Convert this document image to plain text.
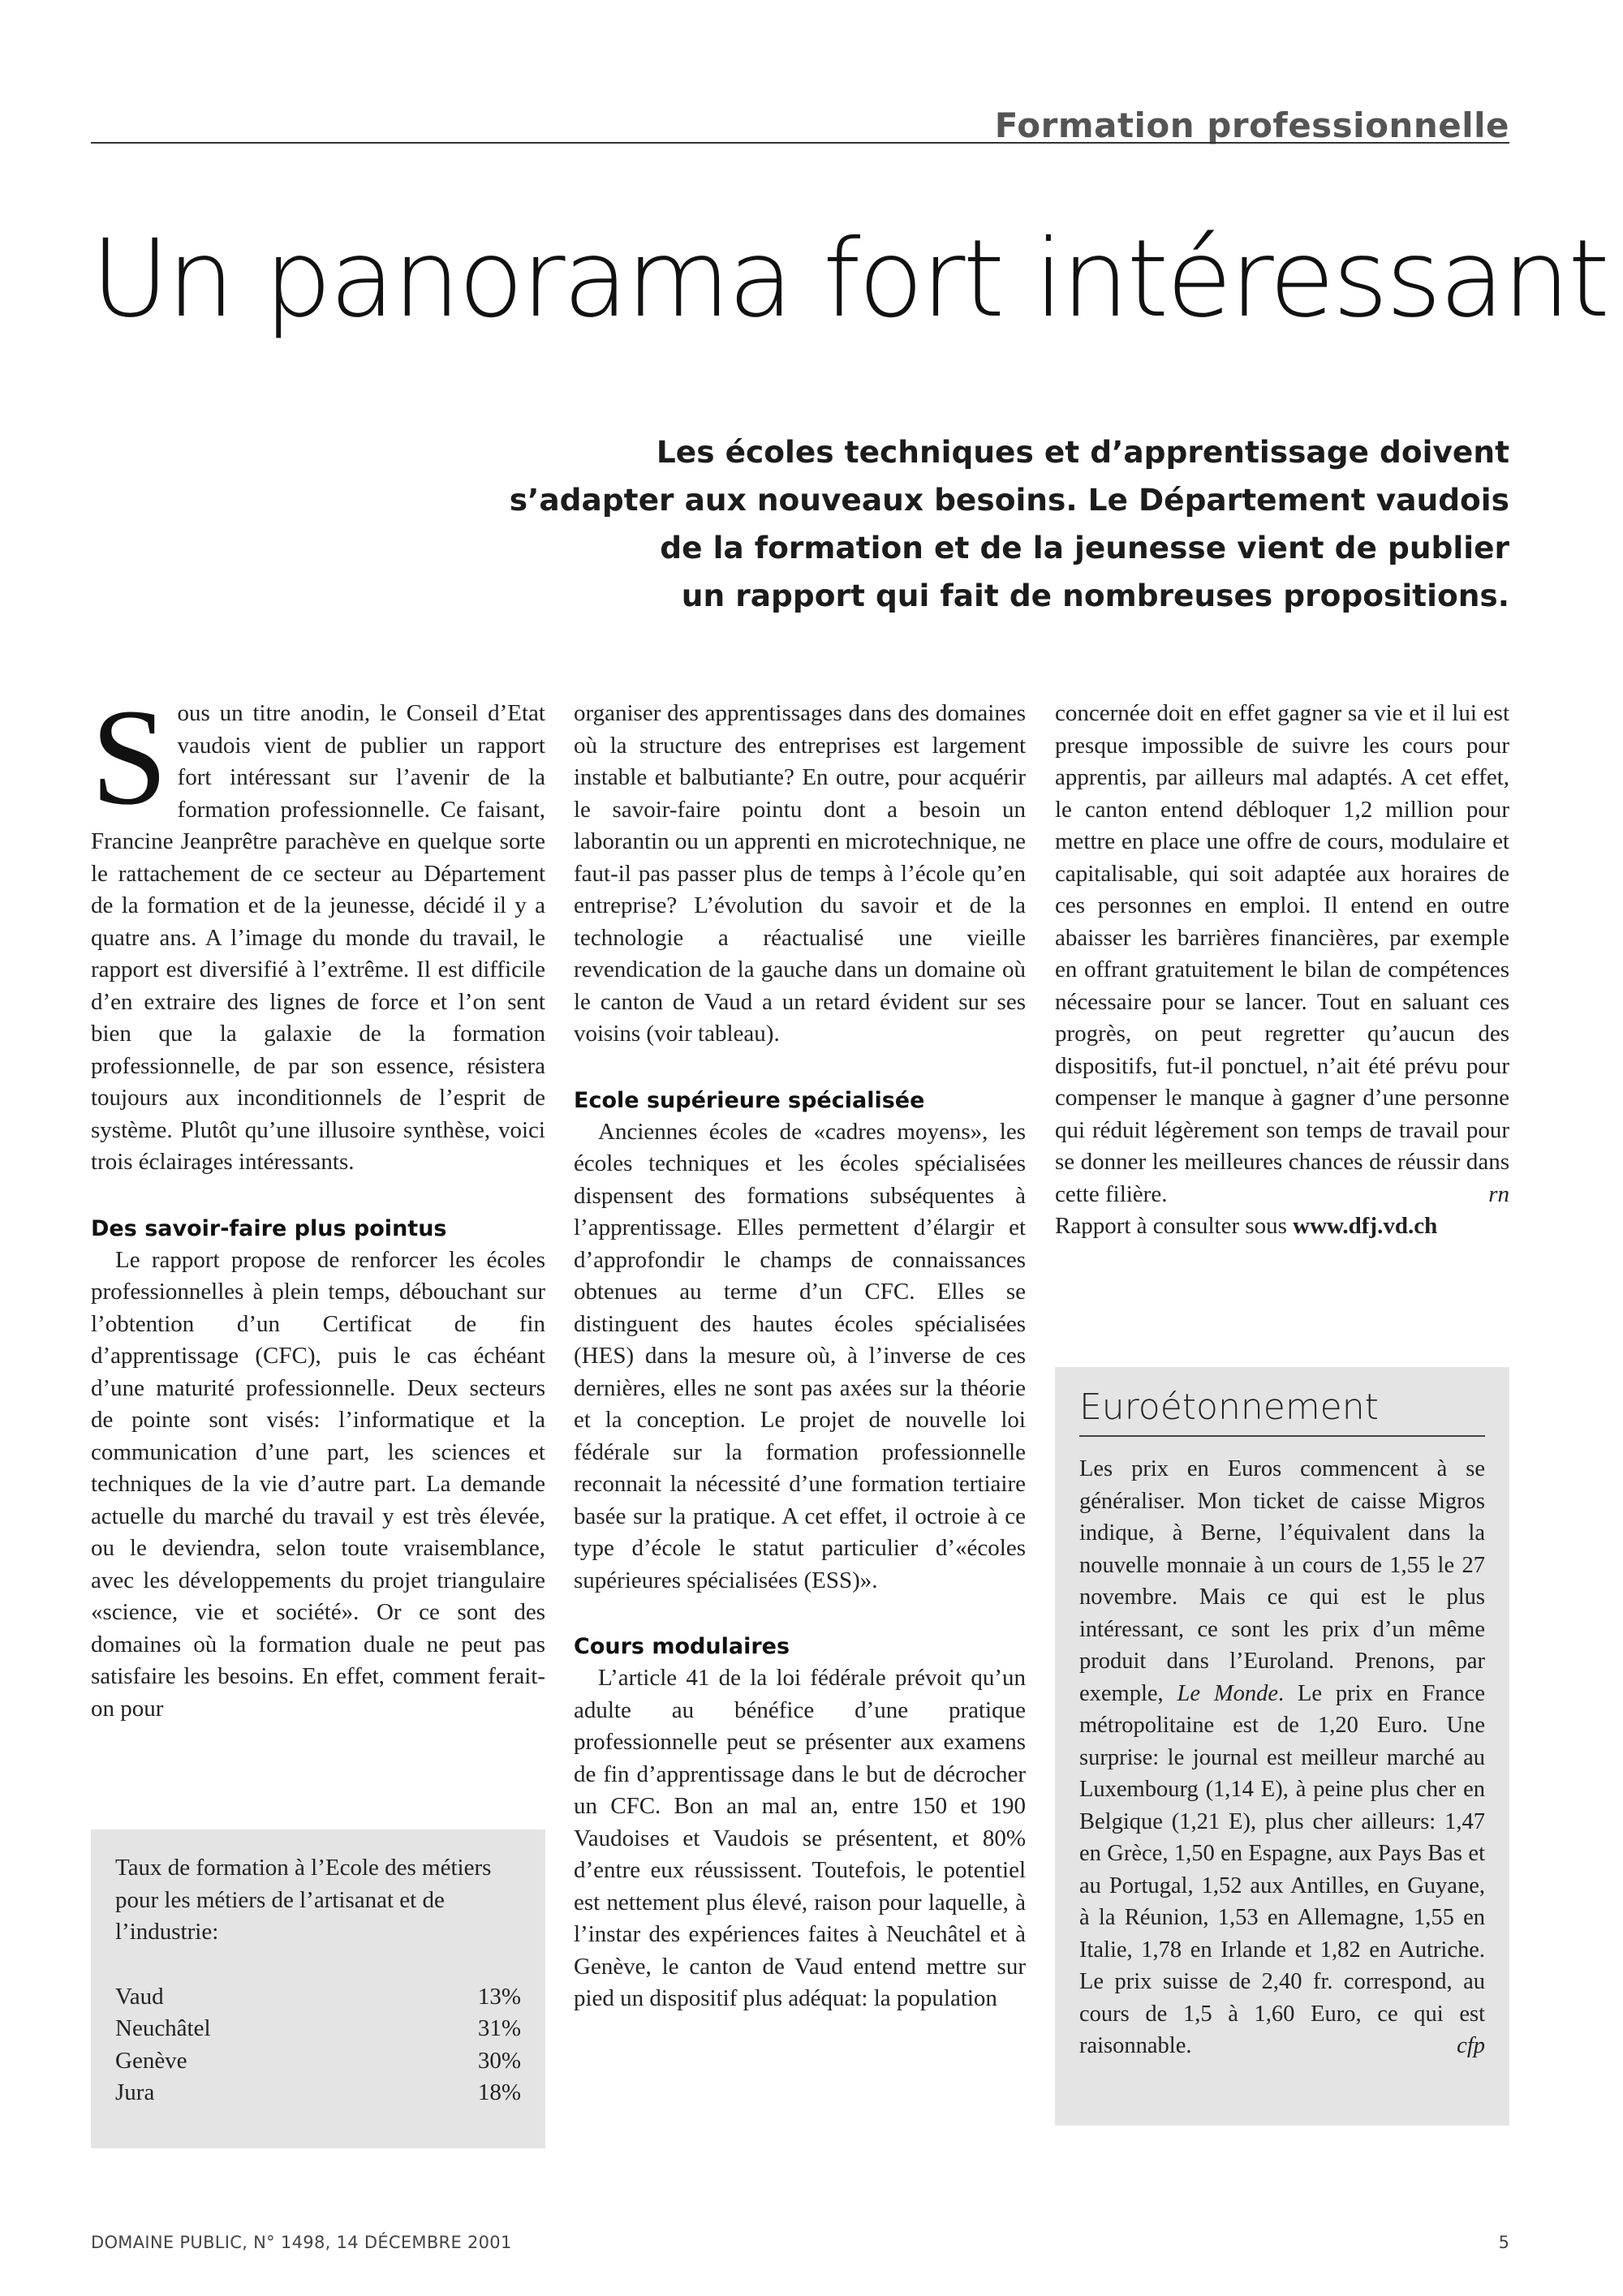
Formation professionnelle
Un panorama fort intéressant
Les écoles techniques et d’apprentissage doivent
s’adapter aux nouveaux besoins. Le Département vaudois
de la formation et de la jeunesse vient de publier
un rapport qui fait de nombreuses propositions.

Sous un titre anodin, le Conseil d’Etat vaudois vient de publier un rapport fort intéressant sur l’avenir de la formation professionnelle. Ce faisant, Francine Jeanprêtre parachève en quelque sorte le rattachement de ce secteur au Département de la formation et de la jeunesse, décidé il y a quatre ans. A l’image du monde du travail, le rapport est diversifié à l’extrême. Il est difficile d’en extraire des lignes de force et l’on sent bien que la galaxie de la formation professionnelle, de par son essence, résistera toujours aux inconditionnels de l’esprit de système. Plutôt qu’une illusoire synthèse, voici trois éclairages intéressants.

Des savoir-faire plus pointus

Le rapport propose de renforcer les écoles professionnelles à plein temps, débouchant sur l’obtention d’un Certificat de fin d’apprentissage (CFC), puis le cas échéant d’une maturité professionnelle. Deux secteurs de pointe sont visés: l’informatique et la communication d’une part, les sciences et techniques de la vie d’autre part. La demande actuelle du marché du travail y est très élevée, ou le deviendra, selon toute vraisemblance, avec les développements du projet triangulaire «science, vie et société». Or ce sont des domaines où la formation duale ne peut pas satisfaire les besoins. En effet, comment ferait-on pour

organiser des apprentissages dans des domaines où la structure des entreprises est largement instable et balbutiante? En outre, pour acquérir le savoir-faire pointu dont a besoin un laborantin ou un apprenti en microtechnique, ne faut-il pas passer plus de temps à l’école qu’en entreprise? L’évolution du savoir et de la technologie a réactualisé une vieille revendication de la gauche dans un domaine où le canton de Vaud a un retard évident sur ses voisins (voir tableau).

Ecole supérieure spécialisée

Anciennes écoles de «cadres moyens», les écoles techniques et les écoles spécialisées dispensent des formations subséquentes à l’apprentissage. Elles permettent d’élargir et d’approfondir le champs de connaissances obtenues au terme d’un CFC. Elles se distinguent des hautes écoles spécialisées (HES) dans la mesure où, à l’inverse de ces dernières, elles ne sont pas axées sur la théorie et la conception. Le projet de nouvelle loi fédérale sur la formation professionnelle reconnait la nécessité d’une formation tertiaire basée sur la pratique. A cet effet, il octroie à ce type d’école le statut particulier d’«écoles supérieures spécialisées (ESS)».

Cours modulaires

L’article 41 de la loi fédérale prévoit qu’un adulte au bénéfice d’une pratique professionnelle peut se présenter aux examens de fin d’apprentissage dans le but de décrocher un CFC. Bon an mal an, entre 150 et 190 Vaudoises et Vaudois se présentent, et 80% d’entre eux réussissent. Toutefois, le potentiel est nettement plus élevé, raison pour laquelle, à l’instar des expériences faites à Neuchâtel et à Genève, le canton de Vaud entend mettre sur pied un dispositif plus adéquat: la population

concernée doit en effet gagner sa vie et il lui est presque impossible de suivre les cours pour apprentis, par ailleurs mal adaptés. A cet effet, le canton entend débloquer 1,2 million pour mettre en place une offre de cours, modulaire et capitalisable, qui soit adaptée aux horaires de ces personnes en emploi. Il entend en outre abaisser les barrières financières, par exemple en offrant gratuitement le bilan de compétences nécessaire pour se lancer. Tout en saluant ces progrès, on peut regretter qu’aucun des dispositifs, fut-il ponctuel, n’ait été prévu pour compenser le manque à gagner d’une personne qui réduit légèrement son temps de travail pour se donner les meilleures chances de réussir dans cette filière.	rn

Rapport à consulter sous www.dfj.vd.ch

Taux de formation à l’Ecole des métiers pour les métiers de l’artisanat et de l’industrie:
Vaud	13%
Neuchâtel	31%
Genève	30%
Jura	18%
Euroétonnement
Les prix en Euros commencent à se généraliser. Mon ticket de caisse Migros indique, à Berne, l’équivalent dans la nouvelle monnaie à un cours de 1,55 le 27 novembre. Mais ce qui est le plus intéressant, ce sont les prix d’un même produit dans l’Euroland. Prenons, par exemple, Le Monde. Le prix en France métropolitaine est de 1,20 Euro. Une surprise: le journal est meilleur marché au Luxembourg (1,14 E), à peine plus cher en Belgique (1,21 E), plus cher ailleurs: 1,47 en Grèce, 1,50 en Espagne, aux Pays Bas et au Portugal, 1,52 aux Antilles, en Guyane, à la Réunion, 1,53 en Allemagne, 1,55 en Italie, 1,78 en Irlande et 1,82 en Autriche. Le prix suisse de 2,40 fr. correspond, au cours de 1,5 à 1,60 Euro, ce qui est raisonnable.	cfp
DOMAINE PUBLIC, N° 1498, 14 DÉCEMBRE 2001	5
